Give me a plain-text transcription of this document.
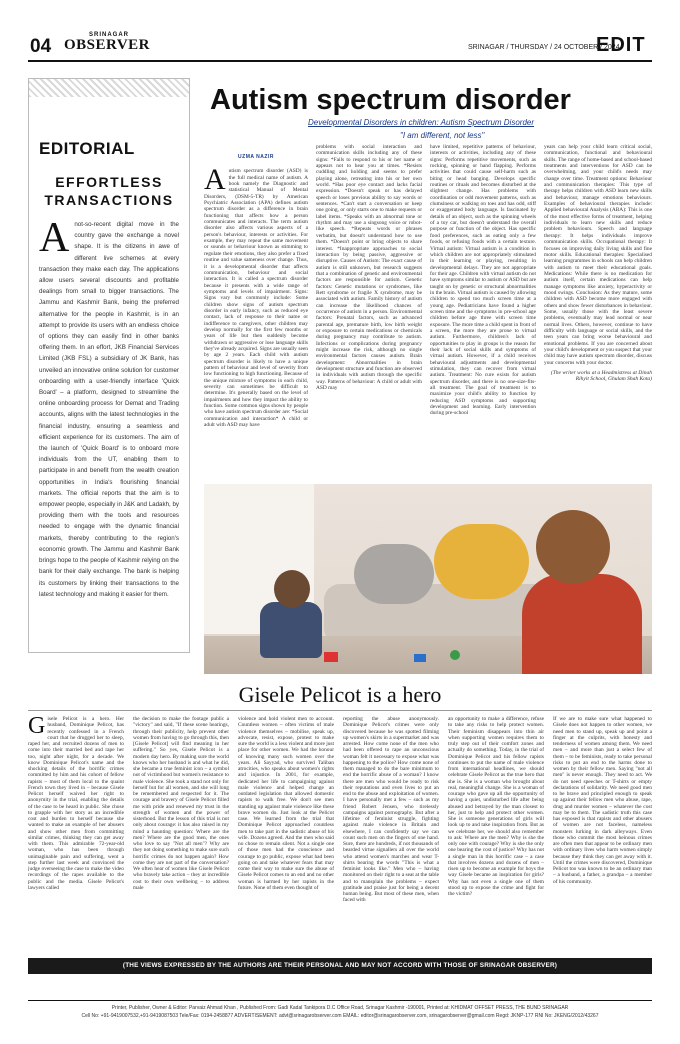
04
SRINAGAR
OBSERVER	SRINAGAR / THURSDAY / 24 OCTOBER / 2024
EDIT
EDITORIAL
EFFORTLESS TRANSACTIONS
Anot-so-recent digital move in the country gave the exchange a novel shape. It is the citizens in awe of different live schemes at every transaction they make each day. The applications allow users several discounts and profitable dealings from small to bigger transactions. The Jammu and Kashmir Bank, being the preferred alternative for the people in Kashmir, is in an attempt to provide its users with an endless choice of options they can easily find in other banks offering them. In an effort, JKB Financial Services Limited (JKB FSL) a subsidiary of JK Bank, has unveiled an innovative online solution for customer onboarding with a user-friendly interface 'Quick Board' – a platform, designed to streamline the online onboarding process for Demat and Trading accounts, aligns with the latest technologies in the financial industry, ensuring a seamless and efficient experience for its customers. The aim of the launch of 'Quick Board' is to onboard more individuals from the UT, enabling them to participate in and benefit from the wealth creation opportunities in India's flourishing financial markets. The official reports that the aim is to empower people, especially in J&K and Ladakh, by providing them with the tools and resources needed to engage with the dynamic financial markets, thereby contributing to the region's economic growth. The Jammu and Kashmir Bank brings hope to the people of Kashmir relying on the bank for their daily exchange. The bank is helping its customers by linking their transactions to the latest technology and making it easier for them.
Autism spectrum disorder
Developmental Disorders in children: Autism Spectrum Disorder
"I am different, not less"
UZMA NAZIR
A utism spectrum disorder (ASD) is the full medical name of autism. A book namely the Diagnostic and statistical Manual of Mental Disorders, (DSM-5-TR) by American Psychiatric Association (APA) defines autism spectrum disorder as a difference in brain functioning that affects how a person communicates and interacts. The term autism disorder also affects various aspects of a person's behaviour, interests or activities. For example, they may repeat the same movement or sounds or behaviour known as stimming to regulate their emotions, they also prefer a fixed routine and value sameness over change. Thus, it is a developmental disorder that affects communication, behaviour and social interaction. It is called a spectrum disorder because it presents with a wide range of symptoms and levels of impairment. Signs: Signs vary but commonly include: Some children show signs of autism spectrum disorder in early infancy, such as reduced eye contact, lack of response to their name or indifference to caregivers, other children may develop normally for the first few months or years of life but then suddenly become withdrawn or aggressive or lose language skills they've already acquired. Signs are usually seen by age 2 years. Each child with autism spectrum disorder is likely to have a unique pattern of behaviour and level of severity from low functioning to high functioning. Because of the unique mixture of symptoms in each child, severity can sometimes be difficult to determine. It's generally based on the level of impairments and how they impact the ability to function. Some common signs shown by people who have autism spectrum disorder are: *Social communication and interaction* A child or adult with ASD may have
problems with social interaction and communication skills including any of these signs: *Fails to respond to his or her name or appears not to hear you at times. *Resists cuddling and holding and seems to prefer playing alone, retreating into his or her own world. *Has poor eye contact and lacks facial expression. *Doesn't speak or has delayed speech or loses previous ability to say words or sentences. *Can't start a conversation or keep one going, or only starts one to make requests or label items. *Speaks with an abnormal tone or rhythm and may use a singsong voice or robot-like speech. *Repeats words or phrases verbatim, but doesn't understand how to use them. *Doesn't point or bring objects to share interest. *Inappropriate approaches to social interaction by being passive, aggressive or disruptive. Causes of Autism: The exact cause of autism is still unknown, but research suggests that a combination of genetic and environmental factors are responsible for autism. Genetic factors: Genetic mutations or syndromes, like Rett syndrome or fragile X syndrome, may be associated with autism. Family history of autism can increase the likelihood chances of occurrence of autism in a person. Environmental factors: Prenatal factors, such as advanced parental age, premature birth, low birth weight or exposure to certain medications or chemicals during pregnancy may contribute to autism. Infections or complications during pregnancy might increase the risk, although no single environmental factors causes autism. Brain development: Abnormalities in brain development structure and function are observed in individuals with autism through the specific way. Patterns of behaviour: A child or adult with ASD may
have limited, repetitive patterns of behaviour, interests or activities, including any of these signs: Performs repetitive movements, such as rocking, spinning or hand flapping. Performs activities that could cause self-harm such as biting or head banging. Develops specific routines or rituals and becomes disturbed at the slightest change. Has problems with coordination or odd movement patterns, such as clumsiness or walking on toes and has odd, stiff or exaggerated body language. Is fascinated by details of an object, such as the spinning wheels of a toy car, but doesn't understand the overall purpose or function of the object. Has specific food preferences, such as eating only a few foods, or refusing foods with a certain texture. Virtual autism: Virtual autism is a condition in which children are not appropriately stimulated in their learning or playing, resulting in developmental delays. They are not appropriate for their age. Children with virtual autism do not have symptoms similar to autism or ASD but are taught on by genetic or structural abnormalities in the brain. Virtual autism is caused by allowing children to spend too much screen time at a young age. Pediatricians have found a higher screen time and the symptoms in pre-school age children before age three with screen time exposure. The more time a child spent in front of a screen, the more they are prone to virtual autism. Furthermore, children's lack of opportunities to play in groups is the reason for their lack of social skills and symptoms of virtual autism. However, if a child receives behavioural adjustments and developmental stimulation, they can recover from virtual autism. Treatment: No cure exists for autism spectrum disorder, and there is no one-size-fits-all treatment. The goal of treatment is to maximize your child's ability to function by reducing ASD symptoms and supporting development and learning. Early intervention during pre-school
years can help your child learn critical social, communication, functional and behavioural skills. The range of home-based and school-based treatments and interventions for ASD can be overwhelming, and your child's needs may change over time. Treatment options: Behaviour and communication therapies: This type of therapy helps children with ASD learn new skills and behaviour, manage emotions behaviours. Examples of behavioural therapies include: Applied behavioural Analysis (ABA): This is one of the most effective forms of treatment, helping individuals to learn new skills and reduce problem behaviours. Speech and language therapy: It helps individuals improve communication skills. Occupational therapy: It focuses on improving daily living skills and fine motor skills. Educational therapies: Specialised learning programmes in schools can help children with autism to meet their educational goals. Medications: While there is no medication for autism itself, certain medications can help manage symptoms like anxiety, hyperactivity or mood swings. Conclusion: As they mature, some children with ASD become more engaged with others and show fewer disturbances in behaviour. Some, usually those with the least severe problems, eventually may lead normal or near normal lives. Others, however, continue to have difficulty with language or social skills, and the teen years can bring worse behavioural and emotional problems. If you are concerned about your child's development or you suspect that your child may have autism spectrum disorder, discuss your concerns with your doctor.
(The writer works at a Headmistress at Dinah Rihyit School, Ghulam Shah Kota)
Gisele Pelicot is a hero
Gisele Pelicot is a hero. Her husband, Dominique Pelicot, has recently confessed in a French court that he drugged her to sleep, raped her, and recruited dozens of men to come into their married bed and rape her too, night after night, for a decade. We know Dominique Pelicot's name and the shocking details of the horrific crimes committed by him and his cohort of fellow rapists – most of them local to the quaint French town they lived in – because Gisele Pelicot herself waived her right to anonymity in the trial, enabling the details of the case to be heard in public. She chose to grapple with her story as an incredible cost and burden to herself because she wanted to make an example of her abusers and show other men from committing similar crimes, thinking they can get away with them. This admirable 72-year-old woman, who has been through unimaginable pain and suffering, went a step further last week and convinced the judge overseeing the case to make the video recordings of the rapes available to the public and the media. Gisele Pelicot's lawyers called
the decision to make the footage public a "victory" and said, "If these scene hearings, through their publicity, help prevent other women from having to go through this, then [Gisele Pelicot] will find meaning in her suffering." So yes, Gisele Pelicot is a modern day hero. By making sure the world knows who her husband is and what he did, she became a true feminist icon – a symbol not of victimhood but women's resistance to male violence. She took a stand not only for herself but for all women, and she will long be remembered and respected for it. The courage and bravery of Gisele Pelicot filled me with pride and renewed my trust in the strength of women and the power of sisterhood. But the lesson of this trial is not only about courage: it has also raised in my mind a haunting question: Where are the men? Where are the good men, the ones who love to say "Not all men"? Why are they not doing something to make sure such horrific crimes do not happen again? How come they are not part of the conversation? We often hear of women like Gisele Pelicot who bravely take action – they at incredible cost to their own wellbeing – to address male
violence and hold violent men to account. Countless women – often victims of male violence themselves – mobilise, speak up, advocate, resist, expose, protest to make sure the world is a less violent and more just place for other women. We had the honour of knowing many such women over the years. Ali Sayyad, who survived Taliban atrocities, who speaks about women's rights and injustice. In 2001, for example, dedicated her life to campaigning against male violence and helped change an outdated legislation that allowed domestic rapists to walk free. We don't see men standing up against male violence like these brave women do. Just look at the Pelicot case. We learned from the trial that Dominique Pelicot approached countless men to take part in the sadistic abuse of his wife. Dozens agreed. And the men who said no chose to remain silent. Not a single one of those men had the conscience and courage to go public, expose what had been going on and take whatever fears that may come their way to make sure the abuse of Gisele Pelicot comes to an end and no other woman is harmed by her rapists in the future. None of them even thought of
reporting the abuse anonymously. Dominique Pelicot's crimes were only discovered because he was spotted filming up women's skirts in a supermarket and was arrested. How come none of the men who had been offered to rape an unconscious woman felt it necessary to expose what was happening to the police? How come none of them managed to do the bare minimum to end the horrific abuse of a woman? I know there are men who would be ready to risk their reputations and even lives to put an end to the abuse and exploitation of women. I have personally met a few – such as my friend Robert Jensen, who tirelessly campaigns against pornography. But after a lifetime of feminist struggle, fighting against male violence in Britain and elsewhere, I can confidently say we can count such men on the fingers of one hand. Sure, there are hundreds, if not thousands of bearded virtue signallers all over the world who attend women's marches and wear T-shirts bearing the words "This is what a feminist looks like." Men who – having monitored on their right to a seat at the table and to mansplain the problems – expect gratitude and praise just for being a decent human being. But most of these men, when faced with
an opportunity to make a difference, refuse to take any risks to help protect women. Their feminism disappears into thin air when supporting women requires them to truly step out of their comfort zones and actually do something. Today, in the trial of Dominique Pelicot and his fellow rapists continues to put the name of male violence from international headlines, we should celebrate Gisele Pelicot as the true hero that she is. She is a woman who brought about real, meaningful change. She is a woman of courage who gave up all the opportunity of having a quiet, undisturbed life after being abused and betrayed by the man closest to her, just to help and protect other women. She is someone generations of girls will look up to and take inspiration from. But as we celebrate her, we should also remember to ask: Where are the men? Why is she the only one with courage? Why is she the only one bearing the cost of justice? Why has not a single man in this horrific case – a case that involves dozens and dozens of men – risen up to become an example for boys the way Gisele became an inspiration for girls? Why has not even a single one of them stood up to expose the crime and fight for the victim?
If we are to make sure what happened to Gisele does not happen to other women, we need men to stand up, speak up and point a finger at the culprits, with honesty and tenderness of women among them. We need men – and more than just a select few of them – to be feminists, ready to take personal risks to put an end to the harms done to women by their fellow men. Saying "not all men" is never enough. They need to act. We do not need speeches or T-shirts or empty declarations of solidarity. We need good men to be brave and principled enough to speak up against their fellow men who abuse, rape, drug and murder women – whatever the cost may be to them. The sadistic truth this case has exposed is that rapists and other abusers of women are not faceless, nameless monsters lurking in dark alleyways. Even those who commit the most heinous crimes are often men that appear to be ordinary men with ordinary lives who harm women simply because they think they can get away with it. Until the crimes were discovered, Dominique Pelicot too was known to be an ordinary man – a husband, a father, a grandpa – a member of his community.
(THE VIEWS EXPRESSED BY THE AUTHORS ARE THEIR PERSONAL AND MAY NOT ACCORD WITH THOSE OF SRINAGAR OBSERVER)
Printer, Publisher, Owner & Editor: Parvaiz Ahmad Khan , Published From: Gadi Kadal Tankipora D.C Office Road, Srinagar Kashmir -190001, Printed at: KHIDMAT OFFSET PRESS, THE BUND SRINAGAR
Cell No: +91-9419007532,+91-9419087503 Tele/Fax: 0194-2458877 ADVERTISEMENT: advt@srinagarobserver.com EMAIL: editor@srinagarobserver.com, srinagarobserver@gmail.com Regd: JKNP-177 RNI No: JKENG/2012/43267
